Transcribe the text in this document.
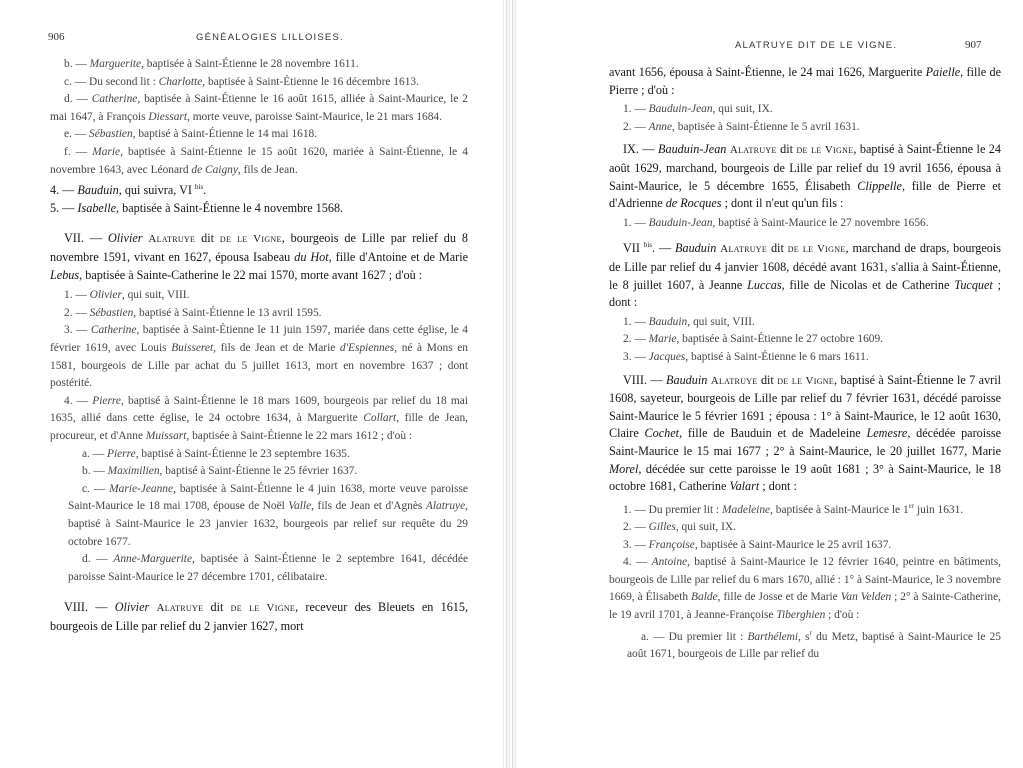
906	GÉNÉALOGIES LILLOISES.

b. — Marguerite, baptisée à Saint-Étienne le 28 novembre 1611.

c. — Du second lit : Charlotte, baptisée à Saint-Étienne le 16 décembre 1613.

d. — Catherine, baptisée à Saint-Étienne le 16 août 1615, alliée à Saint-Maurice, le 2 mai 1647, à François Diessart, morte veuve, paroisse Saint-Maurice, le 21 mars 1684.

e. — Sébastien, baptisé à Saint-Étienne le 14 mai 1618.

f. — Marie, baptisée à Saint-Étienne le 15 août 1620, mariée à Saint-Étienne, le 4 novembre 1643, avec Léonard de Caigny, fils de Jean.

4. — Bauduin, qui suivra, VI $^{bis}$.

5. — Isabelle, baptisée à Saint-Étienne le 4 novembre 1568.

VII. — Olivier Alatruye dit de le Vigne, bourgeois de Lille par relief du 8 novembre 1591, vivant en 1627, épousa Isabeau du Hot, fille d'Antoine et de Marie Lebus, baptisée à Sainte-Catherine le 22 mai 1570, morte avant 1627 ; d'où :

1. — Olivier, qui suit, VIII.

2. — Sébastien, baptisé à Saint-Étienne le 13 avril 1595.

3. — Catherine, baptisée à Saint-Étienne le 11 juin 1597, mariée dans cette église, le 4 février 1619, avec Louis Buisseret, fils de Jean et de Marie d'Espiennes, né à Mons en 1581, bourgeois de Lille par achat du 5 juillet 1613, mort en novembre 1637 ; dont postérité.

4. — Pierre, baptisé à Saint-Étienne le 18 mars 1609, bourgeois par relief du 18 mai 1635, allié dans cette église, le 24 octobre 1634, à Marguerite Collart, fille de Jean, procureur, et d'Anne Muissart, baptisée à Saint-Étienne le 22 mars 1612 ; d'où :

a. — Pierre, baptisé à Saint-Étienne le 23 septembre 1635.

b. — Maximilien, baptisé à Saint-Étienne le 25 février 1637.

c. — Marie-Jeanne, baptisée à Saint-Étienne le 4 juin 1638, morte veuve paroisse Saint-Maurice le 18 mai 1708, épouse de Noël Valle, fils de Jean et d'Agnès Alatruye, baptisé à Saint-Maurice le 23 janvier 1632, bourgeois par relief sur requête du 29 octobre 1677.

d. — Anne-Marguerite, baptisée à Saint-Étienne le 2 septembre 1641, décédée paroisse Saint-Maurice le 27 décembre 1701, célibataire.

VIII. — Olivier Alatruye dit de le Vigne, receveur des Bleuets en 1615, bourgeois de Lille par relief du 2 janvier 1627, mort

ALATRUYE DIT DE LE VIGNE.	907

avant 1656, épousa à Saint-Étienne, le 24 mai 1626, Marguerite Paielle, fille de Pierre ; d'où :

1. — Bauduin-Jean, qui suit, IX.

2. — Anne, baptisée à Saint-Étienne le 5 avril 1631.

IX. — Bauduin-Jean Alatruye dit de le Vigne, baptisé à Saint-Étienne le 24 août 1629, marchand, bourgeois de Lille par relief du 19 avril 1656, épousa à Saint-Maurice, le 5 décembre 1655, Élisabeth Clippelle, fille de Pierre et d'Adrienne de Rocques ; dont il n'eut qu'un fils :

1. — Bauduin-Jean, baptisé à Saint-Maurice le 27 novembre 1656.

VII $^{bis}$. — Bauduin Alatruye dit de le Vigne, marchand de draps, bourgeois de Lille par relief du 4 janvier 1608, décédé avant 1631, s'allia à Saint-Étienne, le 8 juillet 1607, à Jeanne Luccas, fille de Nicolas et de Catherine Tucquet ; dont :

1. — Bauduin, qui suit, VIII.

2. — Marie, baptisée à Saint-Étienne le 27 octobre 1609.

3. — Jacques, baptisé à Saint-Étienne le 6 mars 1611.

VIII. — Bauduin Alatruye dit de le Vigne, baptisé à Saint-Étienne le 7 avril 1608, sayeteur, bourgeois de Lille par relief du 7 février 1631, décédé paroisse Saint-Maurice le 5 février 1691 ; épousa : 1° à Saint-Maurice, le 12 août 1630, Claire Cochet, fille de Bauduin et de Madeleine Lemesre, décédée paroisse Saint-Maurice le 15 mai 1677 ; 2° à Saint-Maurice, le 20 juillet 1677, Marie Morel, décédée sur cette paroisse le 19 août 1681 ; 3° à Saint-Maurice, le 18 octobre 1681, Catherine Valart ; dont :

1. — Du premier lit : Madeleine, baptisée à Saint-Maurice le 1er juin 1631.

2. — Gilles, qui suit, IX.

3. — Françoise, baptisée à Saint-Maurice le 25 avril 1637.

4. — Antoine, baptisé à Saint-Maurice le 12 février 1640, peintre en bâtiments, bourgeois de Lille par relief du 6 mars 1670, allié : 1° à Saint-Maurice, le 3 novembre 1669, à Élisabeth Balde, fille de Josse et de Marie Van Velden ; 2° à Sainte-Catherine, le 19 avril 1701, à Jeanne-Françoise Tiberghien ; d'où :

a. — Du premier lit : Barthélemi, $s^r$ du Metz, baptisé à Saint-Maurice le 25 août 1671, bourgeois de Lille par relief du
